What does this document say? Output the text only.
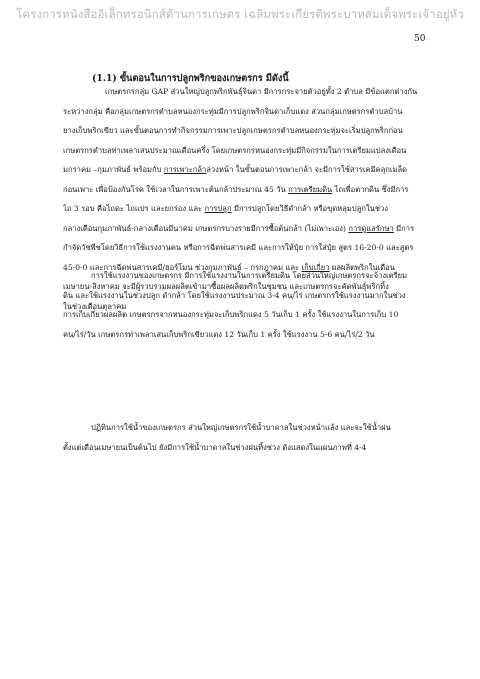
โครงการหนังสืออิเล็กทรอนิกส์ด้านการเกษตร เฉลิมพระเกียรติพระบาทสมเด็จพระเจ้าอยู่หัว
50
(1.1) ขั้นตอนในการปลูกพริกของเกษตรกร มีดังนี้
เกษตรกรกลุ่ม GAP ส่วนใหญ่ปลูกพริกพันธุ์จินดา มีการกระจายตัวอยู่ทั้ง 2 ตำบล มีข้อแตกต่างกัน
ระหว่างกลุ่ม คือกลุ่มเกษตรกรตำบลหนองกระทุ่มมีการปลูกพริกจินดาเก็บแดง ส่วนกลุ่มเกษตรกรตำบลบ้าน
ยางเก็บพริกเขียว และขั้นตอนการทำกิจกรรมการเพาะปลูกเกษตรกรตำบลหนองกระทุ่มจะเริ่มปลูกพริกก่อน
เกษตรกรตำบลท่าเพลาเสนประมาณเดือนครึ่ง โดยเกษตรกรหนองกระทุ่มมีกิจกรรมในการเตรียมแปลงเดือน
มกราคม –กุมภาพันธ์ พร้อมกับ การเพาะกล้าล่วงหน้า ในขั้นตอนการเพาะกล้า จะมีการใช้สารเคมีคลุกเมล็ด
ก่อนเพาะ เพื่อป้องกันโรค ใช้เวลาในการเพาะต้นกล้าประมาณ 45 วัน การเตรียมดิน ไถเพื่อตากดิน ซึ่งมีการ
ไถ 3 รอบ คือไถดะ ไถแปร และยกร่อง และ การปลูก มีการปลูกโดยวิธีดำกล้า หรือขุดหลุมปลูกในช่วง
กลางเดือนกุมภาพันธ์-กลางเดือนมีนาคม เกษตรกรบางรายมีการซื้อต้นกล้า (ไม่เพาะเอง) การดูแลรักษา มีการ
กำจัดวัชพืชโดยวิธีการใช้แรงงานคน หรือการฉีดพ่นสารเคมี และการให้ปุ๋ย การใส่ปุ๋ย สูตร 16-20-0 และสูตร
45-0-0 และการฉีดพ่นสารเคมี/ฮอร์โมน ช่วงกุมภาพันธ์ – กรกฎาคม และ เก็บเกี่ยว ผลผลิตพริกในเดือน
เมษายน-สิงหาคม จะมีผู้รวบรวมผลผลิตเข้ามาซื้อผลผลิตพริกในชุมชน และเกษตรกรจะคัดพันธุ์พริกทิ้ง
ในช่วงเดือนตุลาคม
การใช้แรงงานของเกษตรกร มีการใช้แรงงานในการเตรียมดิน โดยส่วนใหญ่เกษตรกรจะจ้างเตรียม
ดิน และใช้แรงงานในช่วงปลูก ดำกล้า โดยใช้แรงงานประมาณ 3-4 คน/ไร่ เกษตรกรใช้แรงงานมากในช่วง
การเก็บเกี่ยวผลผลิต เกษตรกรจากหนองกระทุ่มจะเก็บพริกแดง 5 วันเก็บ 1 ครั้ง ใช้แรงงานในการเก็บ 10
คน/ไร่/วัน เกษตรกรท่าเพลาเสนเก็บพริกเขียวแดง 12 วันเก็บ 1 ครั้ง ใช้แรงงาน 5-6 คน/ไร่/2 วัน
ปฏิทินการใช้น้ำของเกษตรกร ส่วนใหญ่เกษตรกรใช้น้ำบาดาลในช่วงหน้าแล้ง และจะใช้น้ำฝน
ตั้งแต่เดือนเมษายนเป็นต้นไป ยังมีการใช้น้ำบาดาลในช่วงฝนทิ้งช่วง ดังแสดงในแผนภาพที่ 4-4
